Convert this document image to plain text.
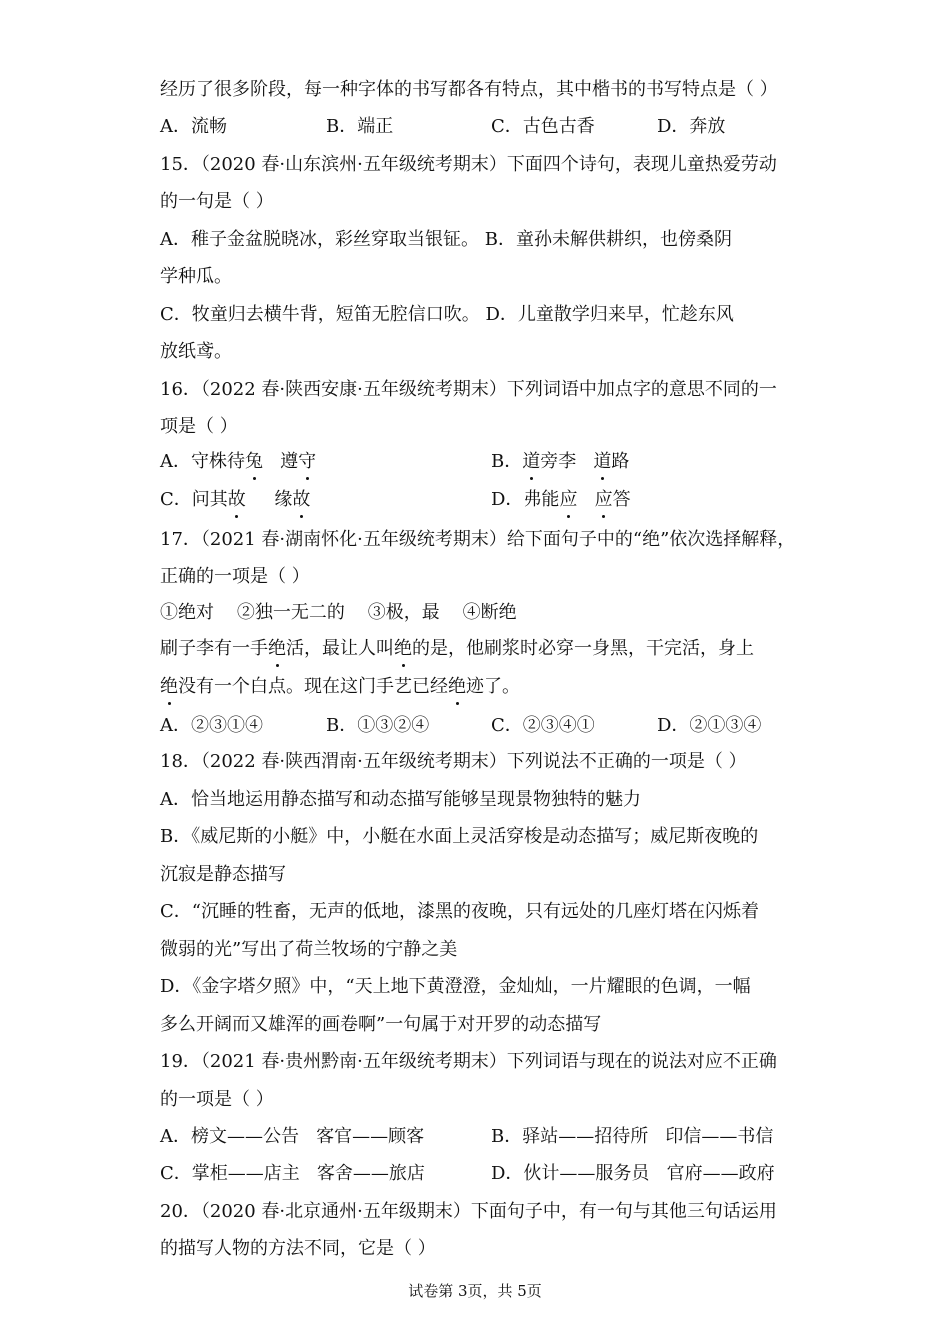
经历了很多阶段，每一种字体的书写都各有特点，其中楷书的书写特点是（ ）
A．流畅	B．端正	C．古色古香	D．奔放
15．（2020 春·山东滨州·五年级统考期末）下面四个诗句，表现儿童热爱劳动
的一句是（ ）
A．稚子金盆脱晓冰，彩丝穿取当银钲。 B．童孙未解供耕织，也傍桑阴
学种瓜。
C．牧童归去横牛背，短笛无腔信口吹。 D．儿童散学归来早，忙趁东风
放纸鸢。
16．（2022 春·陕西安康·五年级统考期末）下列词语中加点字的意思不同的一
项是（ ）
A．守株待兔 遵守	B．道旁李 道路
C．问其故 缘故	D．弗能应 应答
17．（2021 春·湖南怀化·五年级统考期末）给下面句子中的“绝”依次选择解释，
正确的一项是（ ）
①绝对    ②独一无二的    ③极，最    ④断绝
刷子李有一手绝活，最让人叫绝的是，他刷浆时必穿一身黑，干完活，身上
绝没有一个白点。现在这门手艺已经绝迹了。
A．②③①④	B．①③②④	C．②③④①	D．②①③④
18．（2022 春·陕西渭南·五年级统考期末）下列说法不正确的一项是（ ）
A．恰当地运用静态描写和动态描写能够呈现景物独特的魅力
B．《威尼斯的小艇》中，小艇在水面上灵活穿梭是动态描写；威尼斯夜晚的
沉寂是静态描写
C．“沉睡的牲畜，无声的低地，漆黑的夜晚，只有远处的几座灯塔在闪烁着
微弱的光”写出了荷兰牧场的宁静之美
D．《金字塔夕照》中，“天上地下黄澄澄，金灿灿，一片耀眼的色调，一幅
多么开阔而又雄浑的画卷啊”一句属于对开罗的动态描写
19．（2021 春·贵州黔南·五年级统考期末）下列词语与现在的说法对应不正确
的一项是（ ）
A．榜文——公告   客官——顾客	B．驿站——招待所   印信——书信
C．掌柜——店主   客舍——旅店	D．伙计——服务员   官府——政府
20．（2020 春·北京通州·五年级期末）下面句子中，有一句与其他三句话运用
的描写人物的方法不同，它是（ ）
试卷第 3页，共 5页
